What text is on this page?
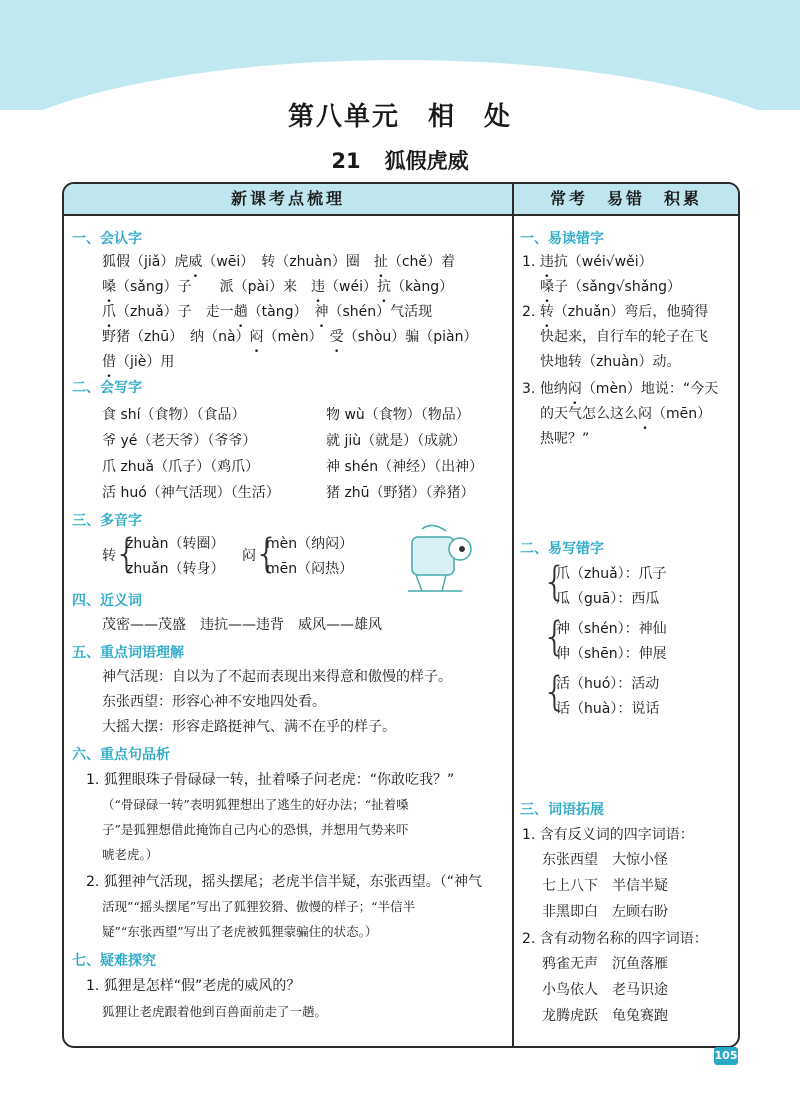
第八单元　相　处
21 狐假虎威
新课考点梳理	常考　易错　积累
一、会认字
狐假（jiǎ）虎威（wēi）　转（zhuàn）圈　扯（chě）着
嗓（sǎng）子　　派（pài）来　违（wéi）抗（kàng）
爪（zhuǎ）子　走一趟（tàng）　神（shén）气活现
野猪（zhū）　纳（nà）闷（mèn）　受（shòu）骗（piàn）
借（jiè）用
二、会写字
食 shí（食物）（食品）	物 wù（食物）（物品）
爷 yé（老天爷）（爷爷）	就 jiù（就是）（成就）
爪 zhuǎ（爪子）（鸡爪）	神 shén（神经）（出神）
活 huó（神气活现）（生活）	猪 zhū（野猪）（养猪）
三、多音字
转
{
zhuàn（转圈）
zhuǎn（转身）
闷
{
mèn（纳闷）
mēn（闷热）
四、近义词
茂密——茂盛　违抗——违背　威风——雄风
五、重点词语理解
神气活现：自以为了不起而表现出来得意和傲慢的样子。
东张西望：形容心神不安地四处看。
大摇大摆：形容走路挺神气、满不在乎的样子。
六、重点句品析
1. 狐狸眼珠子骨碌碌一转，扯着嗓子问老虎：“你敢吃我？”
（“骨碌碌一转”表明狐狸想出了逃生的好办法；“扯着嗓
子”是狐狸想借此掩饰自己内心的恐惧，并想用气势来吓
唬老虎。）
2. 狐狸神气活现，摇头摆尾；老虎半信半疑，东张西望。（“神气
活现”“摇头摆尾”写出了狐狸狡猾、傲慢的样子；“半信半
疑”“东张西望”写出了老虎被狐狸蒙骗住的状态。）
七、疑难探究
1. 狐狸是怎样“假”老虎的威风的？
狐狸让老虎跟着他到百兽面前走了一趟。
一、易读错字
1. 违抗（wéi√wěi）
嗓子（sǎng√shǎng）
2. 转（zhuǎn）弯后，他骑得
快起来，自行车的轮子在飞
快地转（zhuàn）动。
3. 他纳闷（mèn）地说：“今天
的天气怎么这么闷（mēn）
热呢？”
二、易写错字
{
爪（zhuǎ）：爪子
瓜（guā）：西瓜
{
神（shén）：神仙
伸（shēn）：伸展
{
活（huó）：活动
话（huà）：说话
三、词语拓展
1. 含有反义词的四字词语：
东张西望　大惊小怪
七上八下　半信半疑
非黑即白　左顾右盼
2. 含有动物名称的四字词语：
鸦雀无声　沉鱼落雁
小鸟依人　老马识途
龙腾虎跃　龟兔赛跑
105
